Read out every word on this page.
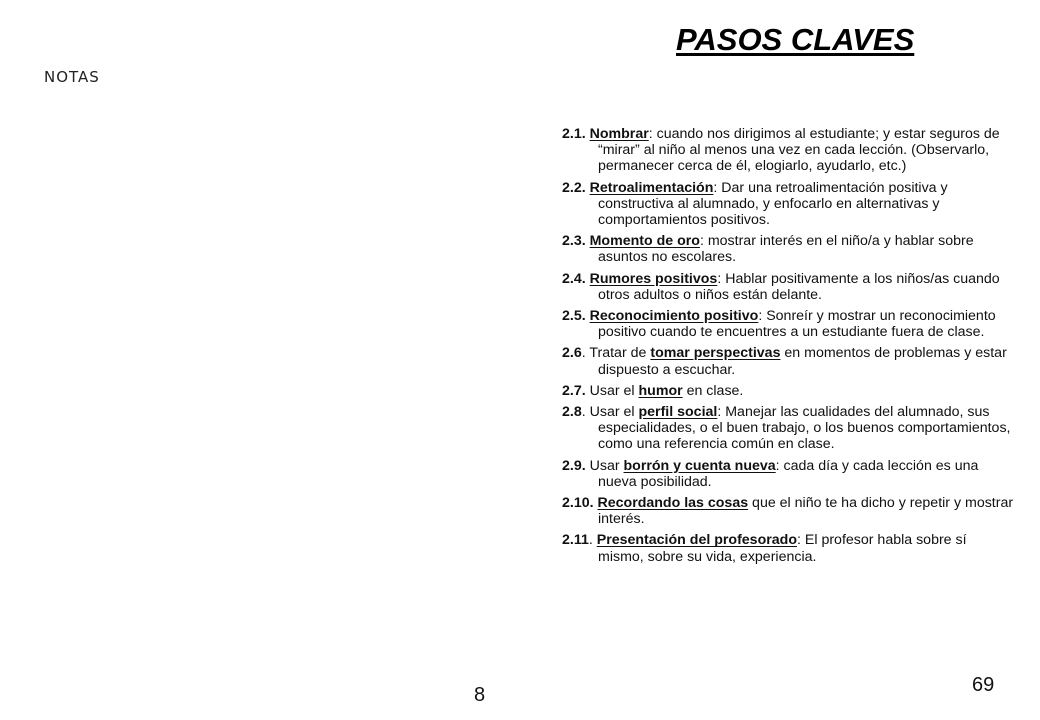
NOTAS
PASOS CLAVES
2.1. Nombrar: cuando nos dirigimos al estudiante; y estar seguros de “mirar” al niño al menos una vez en cada lección. (Observarlo, permanecer cerca de él, elogiarlo, ayudarlo, etc.)
2.2. Retroalimentación: Dar una retroalimentación positiva y constructiva al alumnado, y enfocarlo en alternativas y comportamientos positivos.
2.3. Momento de oro: mostrar interés en el niño/a y hablar sobre asuntos no escolares.
2.4. Rumores positivos: Hablar positivamente a los niños/as cuando otros adultos o niños están delante.
2.5. Reconocimiento positivo: Sonreír y mostrar un reconocimiento positivo cuando te encuentres a un estudiante fuera de clase.
2.6. Tratar de tomar perspectivas en momentos de problemas y estar dispuesto a escuchar.
2.7. Usar el humor en clase.
2.8. Usar el perfil social: Manejar las cualidades del alumnado, sus especialidades, o el buen trabajo, o los buenos comportamientos, como una referencia común en clase.
2.9. Usar borrón y cuenta nueva: cada día y cada lección es una nueva posibilidad.
2.10. Recordando las cosas que el niño te ha dicho y repetir y mostrar interés.
2.11. Presentación del profesorado: El profesor habla sobre sí mismo, sobre su vida, experiencia.
8	69
